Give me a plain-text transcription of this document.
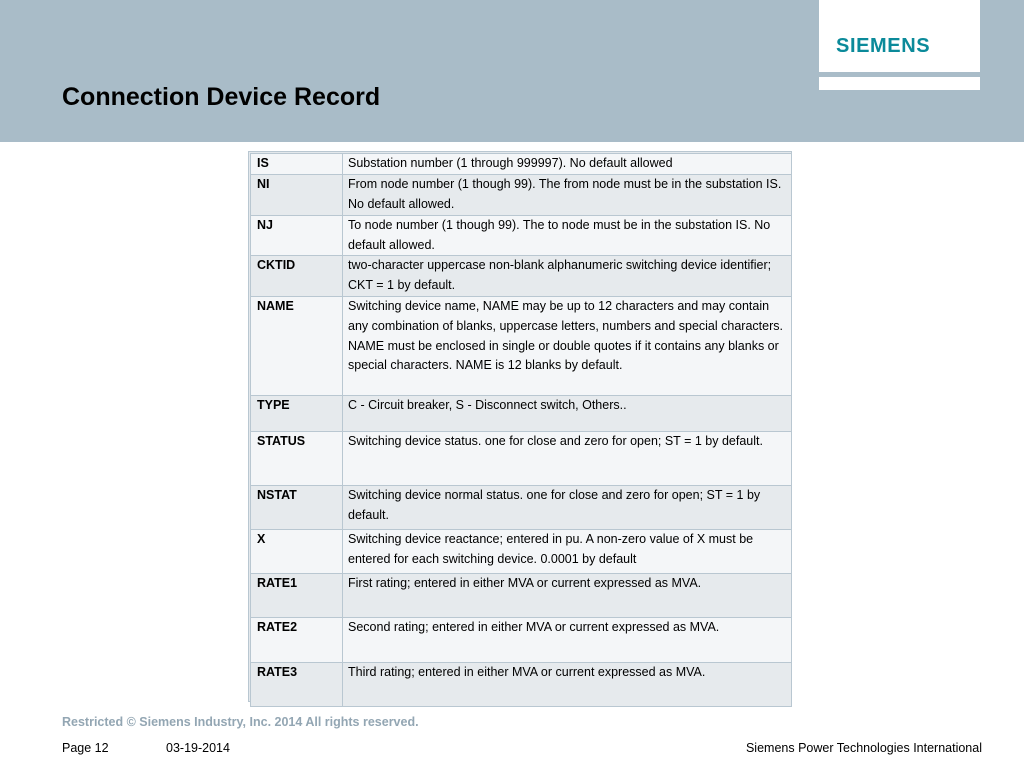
Connection Device Record
SIEMENS
IS	Substation number (1 through 999997). No default allowed
NI	From node number (1 though 99). The from node must be in the substation IS. No default allowed.
NJ	To node number (1 though 99). The to node must be in the substation IS. No default allowed.
CKTID	two-character uppercase non-blank alphanumeric switching device identifier; CKT = 1 by default.
NAME	Switching device name, NAME may be up to 12 characters and may contain any combination of blanks, uppercase letters, numbers and special characters. NAME must be enclosed in single or double quotes if it contains any blanks or special characters. NAME is 12 blanks by default.
TYPE	C - Circuit breaker, S - Disconnect switch, Others..
STATUS	Switching device status. one for close and zero for open; ST = 1 by default.
NSTAT	Switching device normal status. one for close and zero for open; ST = 1 by default.
X	Switching device reactance; entered in pu. A non-zero value of X must be entered for each switching device. 0.0001 by default
RATE1	First rating; entered in either MVA or current expressed as MVA.
RATE2	Second rating; entered in either MVA or current expressed as MVA.
RATE3	Third rating; entered in either MVA or current expressed as MVA.
Restricted © Siemens Industry, Inc. 2014 All rights reserved.
Page 12	03-19-2014	Siemens Power Technologies International
